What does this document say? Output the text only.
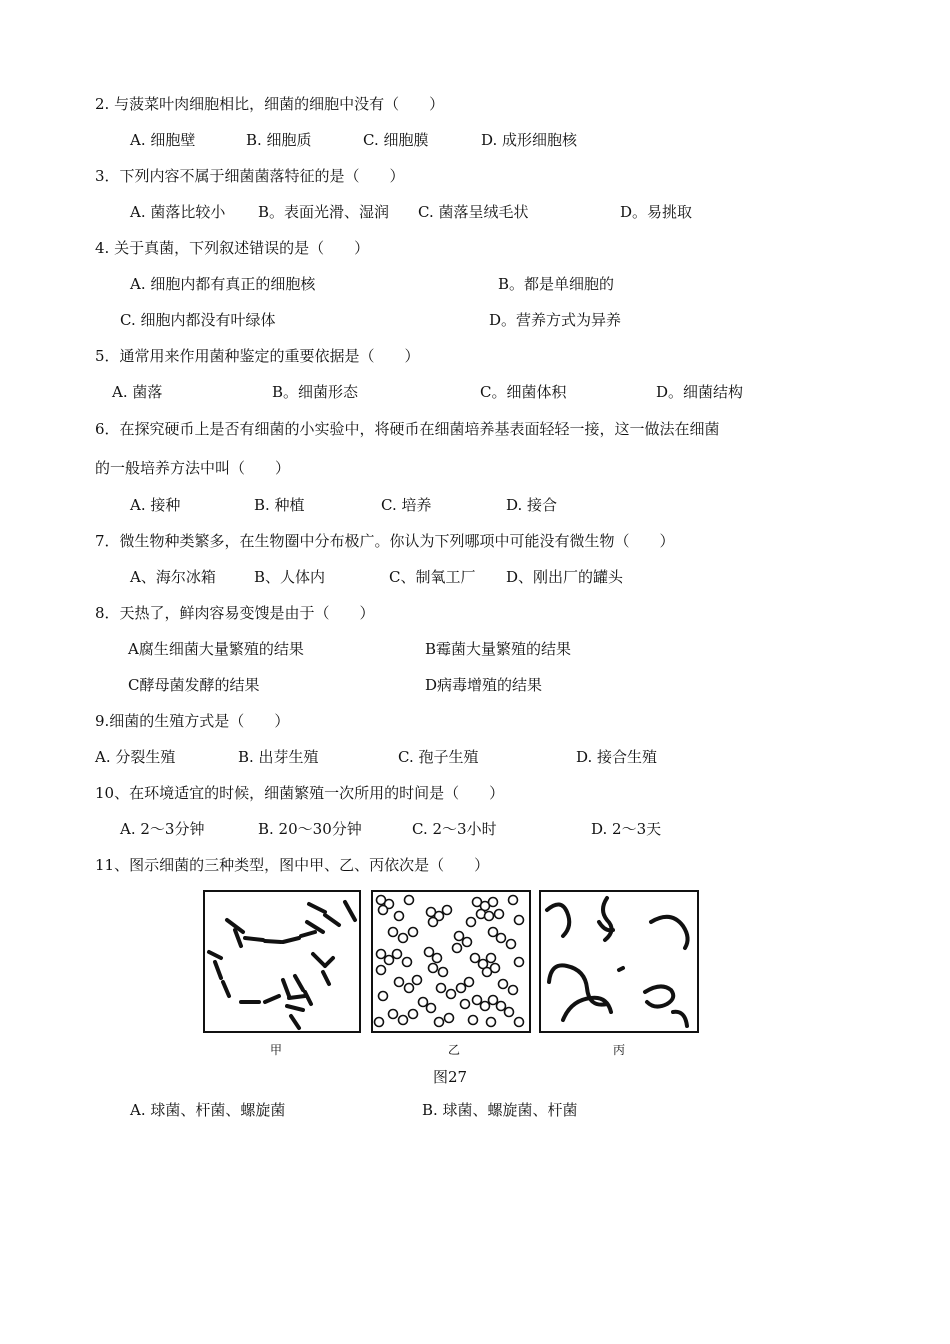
2. 与菠菜叶肉细胞相比，细菌的细胞中没有（　　）
A. 细胞壁	B. 细胞质	C. 细胞膜	D. 成形细胞核
3．下列内容不属于细菌菌落特征的是（　　）
A. 菌落比较小 B。表面光滑、湿润 C. 菌落呈绒毛状	D。易挑取
4. 关于真菌，下列叙述错误的是（　　）
A. 细胞内都有真正的细胞核	B。都是单细胞的
C. 细胞内都没有叶绿体	D。营养方式为异养
5．通常用来作用菌种鉴定的重要依据是（　　）
A. 菌落	B。细菌形态	C。细菌体积	D。细菌结构
6．在探究硬币上是否有细菌的小实验中，将硬币在细菌培养基表面轻轻一接，这一做法在细菌
的一般培养方法中叫（　　）
A. 接种	B. 种植	C. 培养	D. 接合
7．微生物种类繁多，在生物圈中分布极广。你认为下列哪项中可能没有微生物（　　）
A、海尔冰箱	B、人体内	C、制氧工厂 D、刚出厂的罐头
8．天热了，鲜肉容易变馊是由于（　　）
A腐生细菌大量繁殖的结果	B霉菌大量繁殖的结果
C酵母菌发酵的结果	D病毒增殖的结果
9.细菌的生殖方式是（　　）
A. 分裂生殖	B. 出芽生殖	C. 孢子生殖	D. 接合生殖
10、在环境适宜的时候，细菌繁殖一次所用的时间是（　　）
A. 2～3分钟	B. 20～30分钟	C. 2～3小时	D. 2～3天
11、图示细菌的三种类型，图中甲、乙、丙依次是（　　）
甲	乙	丙
图27
A. 球菌、杆菌、螺旋菌	B. 球菌、螺旋菌、杆菌
